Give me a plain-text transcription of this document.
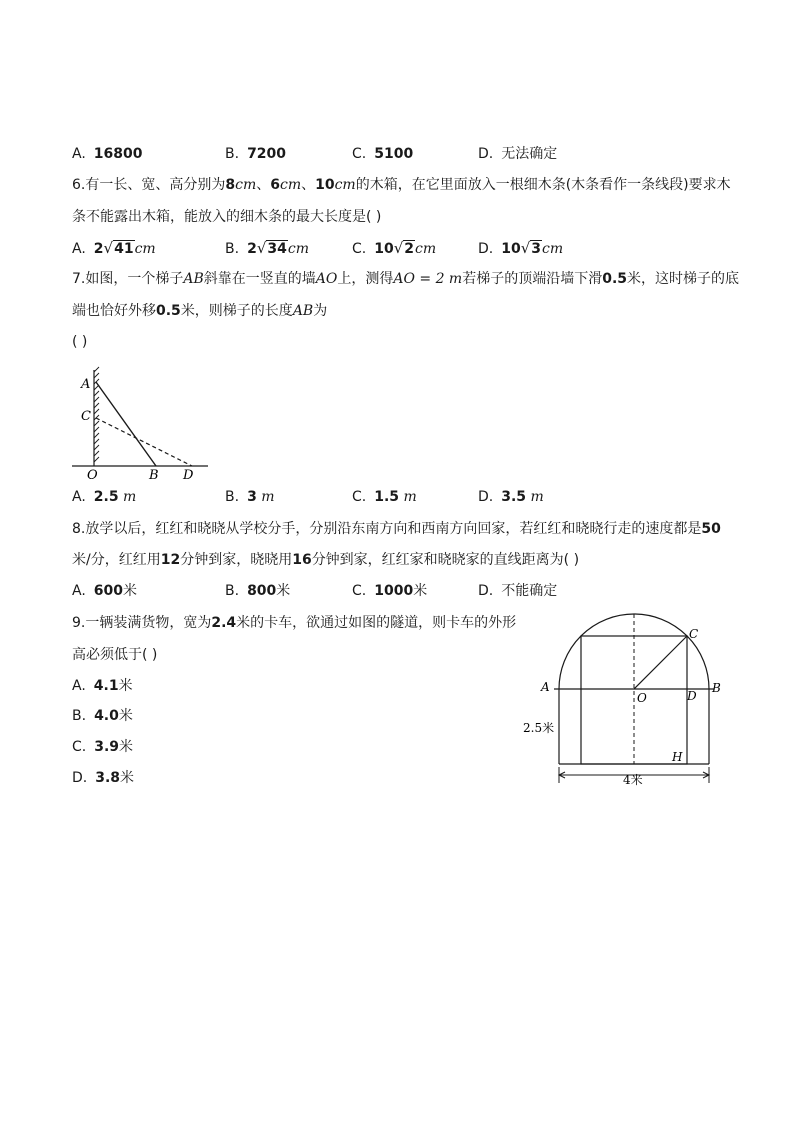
A. 16800	B. 7200	C. 5100	D. 无法确定
6.有一长、宽、高分别为8cm、6cm、10cm的木箱，在它里面放入一根细木条(木条看作一条线段)要求木
条不能露出木箱，能放入的细木条的最大长度是( )
A. 2√41cm	B. 2√34cm	C. 10√2cm	D. 10√3cm
7.如图，一个梯子AB斜靠在一竖直的墙AO上，测得AO = 2 m若梯子的顶端沿墙下滑0.5米，这时梯子的底
端也恰好外移0.5米，则梯子的长度AB为
( )
A
C
O	B D
A. 2.5 m	B. 3 m	C. 1.5 m	D. 3.5 m
8.放学以后，红红和晓晓从学校分手，分别沿东南方向和西南方向回家，若红红和晓晓行走的速度都是50
米/分，红红用12分钟到家，晓晓用16分钟到家，红红家和晓晓家的直线距离为( )
A. 600米	B. 800米	C. 1000米	D. 不能确定
9.一辆装满货物，宽为2.4米的卡车，欲通过如图的隧道，则卡车的外形
高必须低于( )
A. 4.1米
B. 4.0米
C. 3.9米
D. 3.8米
A	B
C
O	D
H
2.5米
4米
